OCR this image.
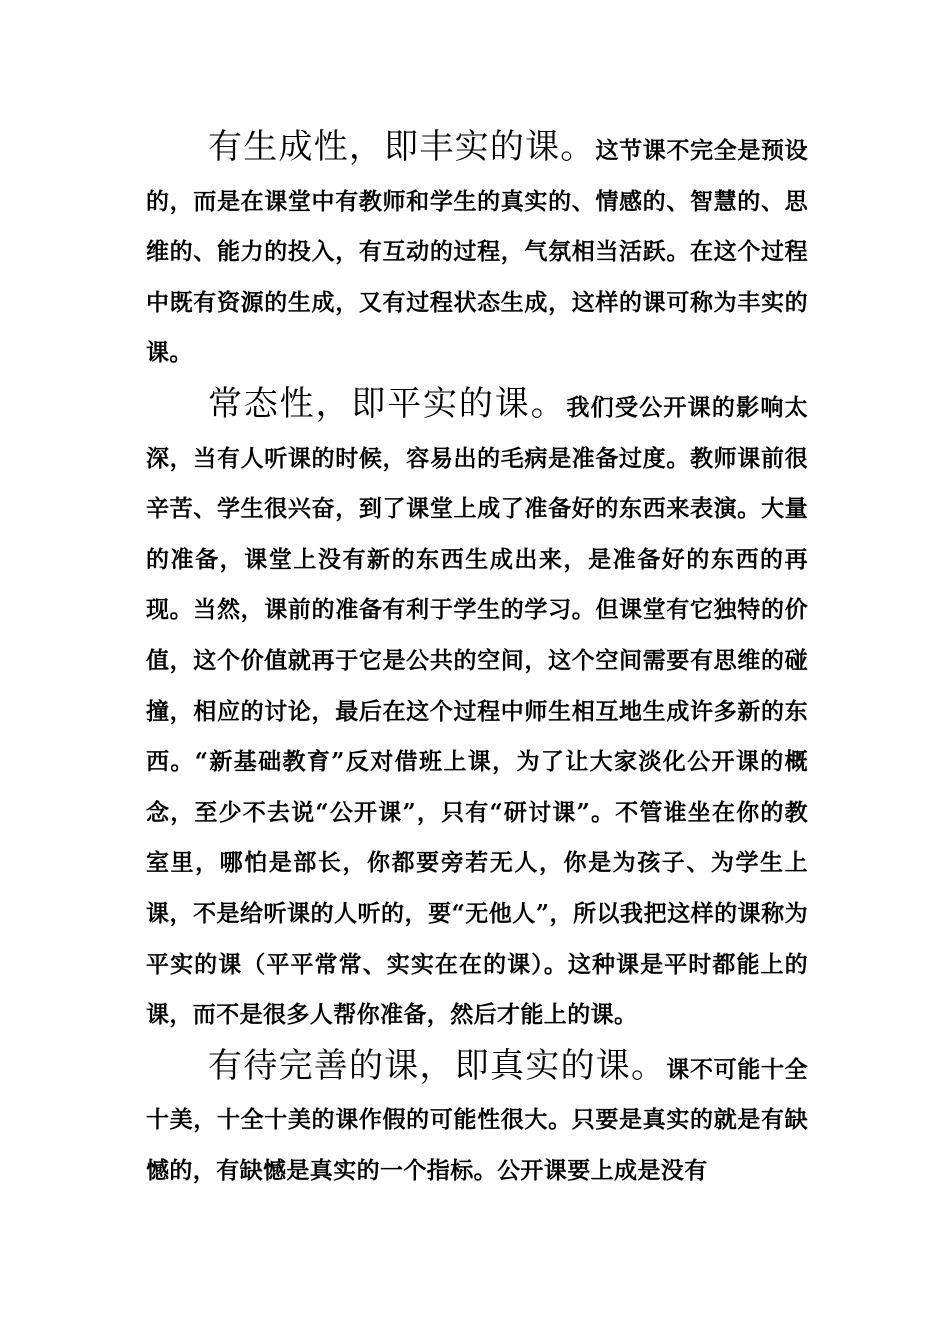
有生成性，即丰实的课。这节课不完全是预设的，而是在课堂中有教师和学生的真实的、情感的、智慧的、思维的、能力的投入，有互动的过程，气氛相当活跃。在这个过程中既有资源的生成，又有过程状态生成，这样的课可称为丰实的课。

常态性，即平实的课。我们受公开课的影响太深，当有人听课的时候，容易出的毛病是准备过度。教师课前很辛苦、学生很兴奋，到了课堂上成了准备好的东西来表演。大量的准备，课堂上没有新的东西生成出来，是准备好的东西的再现。当然，课前的准备有利于学生的学习。但课堂有它独特的价值，这个价值就再于它是公共的空间，这个空间需要有思维的碰撞，相应的讨论，最后在这个过程中师生相互地生成许多新的东西。“新基础教育”反对借班上课，为了让大家淡化公开课的概念，至少不去说“公开课”，只有“研讨课”。不管谁坐在你的教室里，哪怕是部长，你都要旁若无人，你是为孩子、为学生上课，不是给听课的人听的，要“无他人”，所以我把这样的课称为平实的课（平平常常、实实在在的课）。这种课是平时都能上的课，而不是很多人帮你准备，然后才能上的课。

有待完善的课，即真实的课。课不可能十全十美，十全十美的课作假的可能性很大。只要是真实的就是有缺憾的，有缺憾是真实的一个指标。公开课要上成是没有
